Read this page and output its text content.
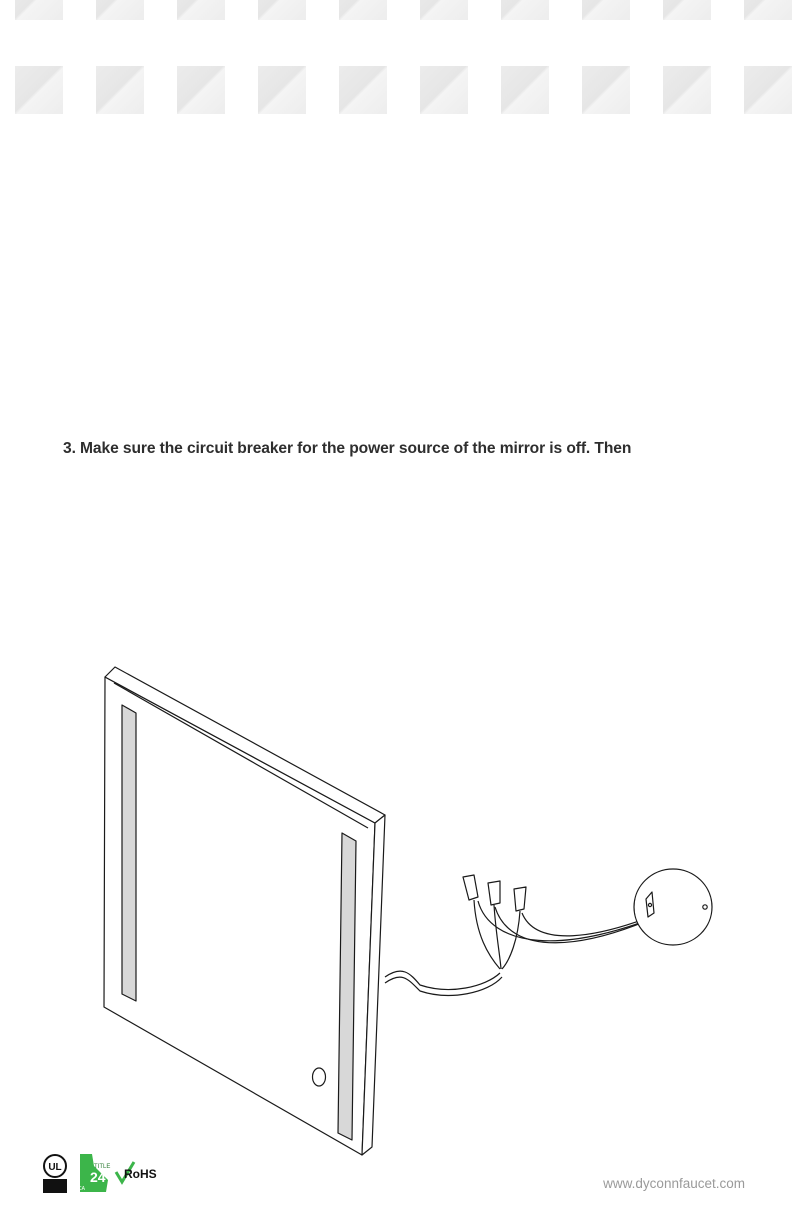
3. Make sure the circuit breaker for the power source of the mirror is off. Then
UL	TITLE
24
CA
RoHS
www.dyconnfaucet.com
